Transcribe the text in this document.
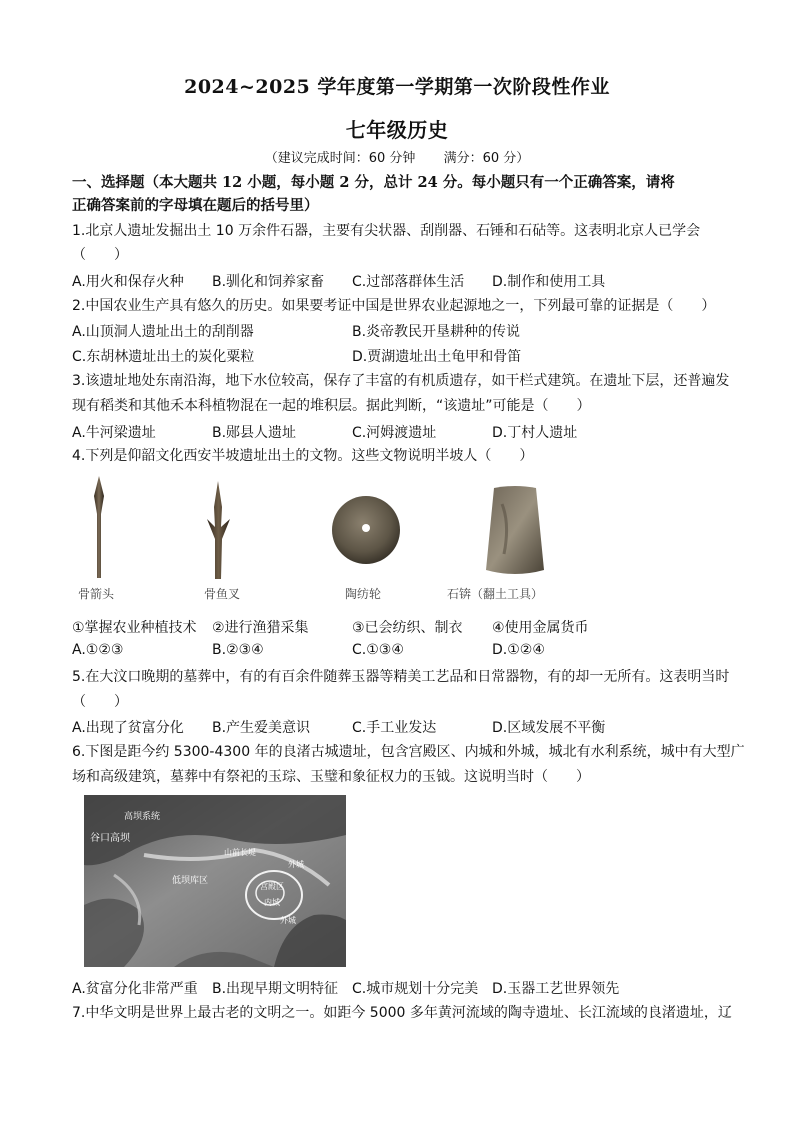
2024~2025 学年度第一学期第一次阶段性作业
七年级历史
（建议完成时间：60 分钟 满分：60 分）
一、选择题（本大题共 12 小题，每小题 2 分，总计 24 分。每小题只有一个正确答案，请将
正确答案前的字母填在题后的括号里）
1.北京人遗址发掘出土 10 万余件石器，主要有尖状器、刮削器、石锤和石砧等。这表明北京人已学会
（　　）
A.用火和保存火种 B.驯化和饲养家畜 C.过部落群体生活 D.制作和使用工具
2.中国农业生产具有悠久的历史。如果要考证中国是世界农业起源地之一，下列最可靠的证据是（　　）
A.山顶洞人遗址出土的刮削器	B.炎帝教民开垦耕种的传说
C.东胡林遗址出土的炭化粟粒	D.贾湖遗址出土龟甲和骨笛
3.该遗址地处东南沿海，地下水位较高，保存了丰富的有机质遗存，如干栏式建筑。在遗址下层，还普遍发
现有稻类和其他禾本科植物混在一起的堆积层。据此判断，“该遗址”可能是（　　）
A.牛河梁遗址	B.郧县人遗址	C.河姆渡遗址	D.丁村人遗址
4.下列是仰韶文化西安半坡遗址出土的文物。这些文物说明半坡人（　　）
骨箭头	骨鱼叉	陶纺轮	石锛（翻土工具）
①掌握农业种植技术 ②进行渔猎采集	③已会纺织、制衣 ④使用金属货币
A.①②③	B.②③④	C.①③④	D.①②④
5.在大汶口晚期的墓葬中，有的有百余件随葬玉器等精美工艺品和日常器物，有的却一无所有。这表明当时
（　　）
A.出现了贫富分化 B.产生爱美意识	C.手工业发达	D.区域发展不平衡
6.下图是距今约 5300-4300 年的良渚古城遗址，包含宫殿区、内城和外城，城北有水利系统，城中有大型广
场和高级建筑，墓葬中有祭祀的玉琮、玉璧和象征权力的玉钺。这说明当时（　　）
高坝系统
谷口高坝
山前长堤
低坝库区
外城
宫殿区
内城
外城
A.贫富分化非常严重 B.出现早期文明特征 C.城市规划十分完美 D.玉器工艺世界领先
7.中华文明是世界上最古老的文明之一。如距今 5000 多年黄河流域的陶寺遗址、长江流域的良渚遗址，辽
